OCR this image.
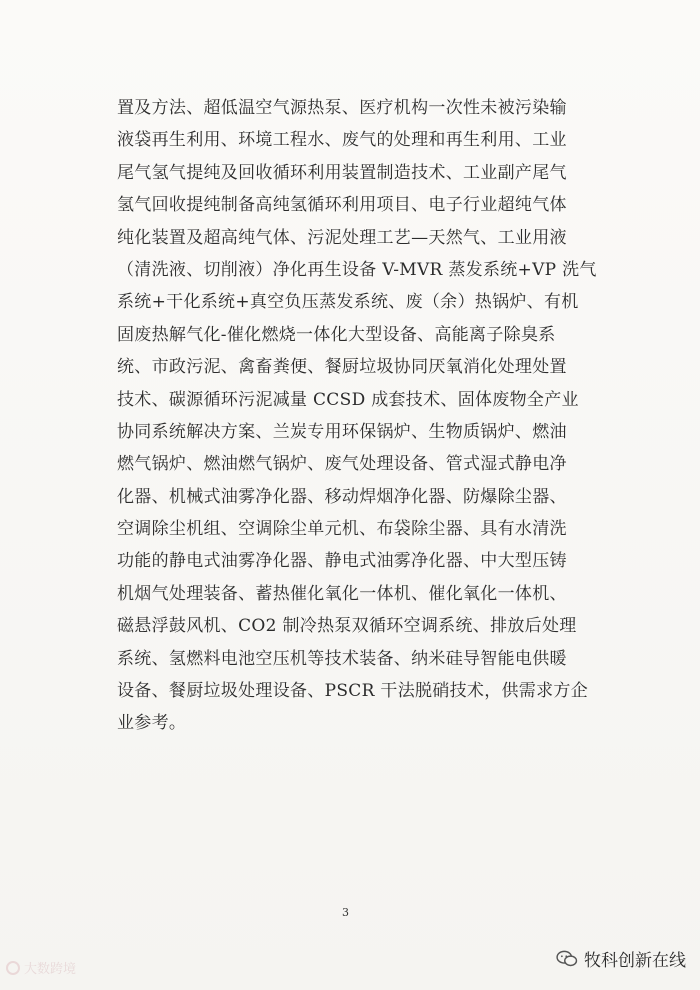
置及方法、超低温空气源热泵、医疗机构一次性未被污染输
液袋再生利用、环境工程水、废气的处理和再生利用、工业
尾气氢气提纯及回收循环利用装置制造技术、工业副产尾气
氢气回收提纯制备高纯氢循环利用项目、电子行业超纯气体
纯化装置及超高纯气体、污泥处理工艺—天然气、工业用液
（清洗液、切削液）净化再生设备 V-MVR 蒸发系统+VP 洗气
系统+干化系统+真空负压蒸发系统、废（余）热锅炉、有机
固废热解气化-催化燃烧一体化大型设备、高能离子除臭系
统、市政污泥、禽畜粪便、餐厨垃圾协同厌氧消化处理处置
技术、碳源循环污泥减量 CCSD 成套技术、固体废物全产业
协同系统解决方案、兰炭专用环保锅炉、生物质锅炉、燃油
燃气锅炉、燃油燃气锅炉、废气处理设备、管式湿式静电净
化器、机械式油雾净化器、移动焊烟净化器、防爆除尘器、
空调除尘机组、空调除尘单元机、布袋除尘器、具有水清洗
功能的静电式油雾净化器、静电式油雾净化器、中大型压铸
机烟气处理装备、蓄热催化氧化一体机、催化氧化一体机、
磁悬浮鼓风机、CO2 制冷热泵双循环空调系统、排放后处理
系统、氢燃料电池空压机等技术装备、纳米硅导智能电供暖
设备、餐厨垃圾处理设备、PSCR 干法脱硝技术，供需求方企
业参考。
3
大数跨境	牧科创新在线
